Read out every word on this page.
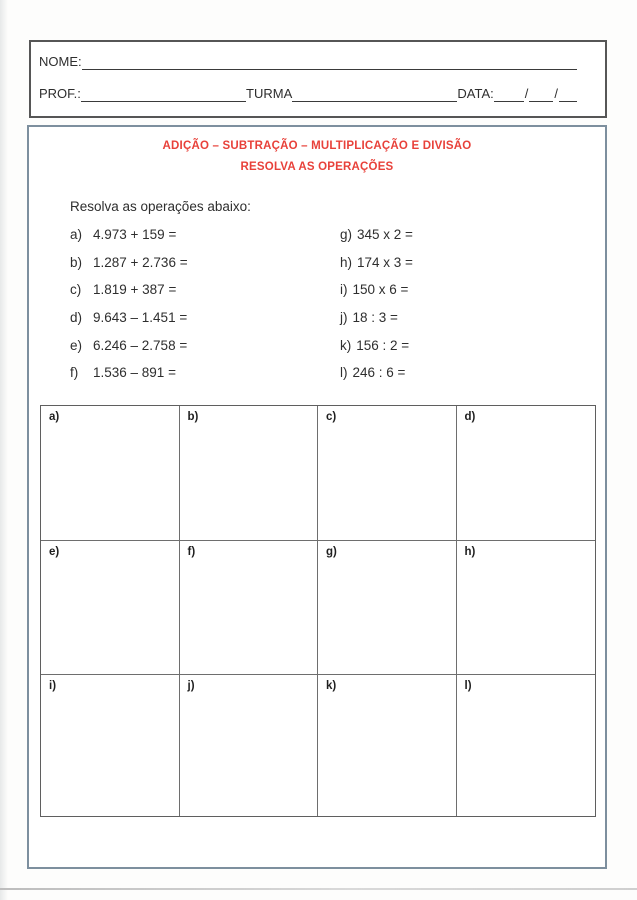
NOME:
PROF.:	TURMA	DATA: / /
ADIÇÃO – SUBTRAÇÃO – MULTIPLICAÇÃO E DIVISÃO
RESOLVA AS OPERAÇÕES
Resolva as operações abaixo:
a) 4.973 + 159 =
b) 1.287 + 2.736 =
c) 1.819 + 387 =
d) 9.643 – 1.451 =
e) 6.246 – 2.758 =
f)	1.536 – 891 =
g) 345 x 2 =
h) 174 x 3 =
i) 150 x 6 =
j) 18 : 3 =
k) 156 : 2 =
l) 246 : 6 =
a)	b)	c)	d)
e)	f)	g)	h)
i)	j)	k)	l)
